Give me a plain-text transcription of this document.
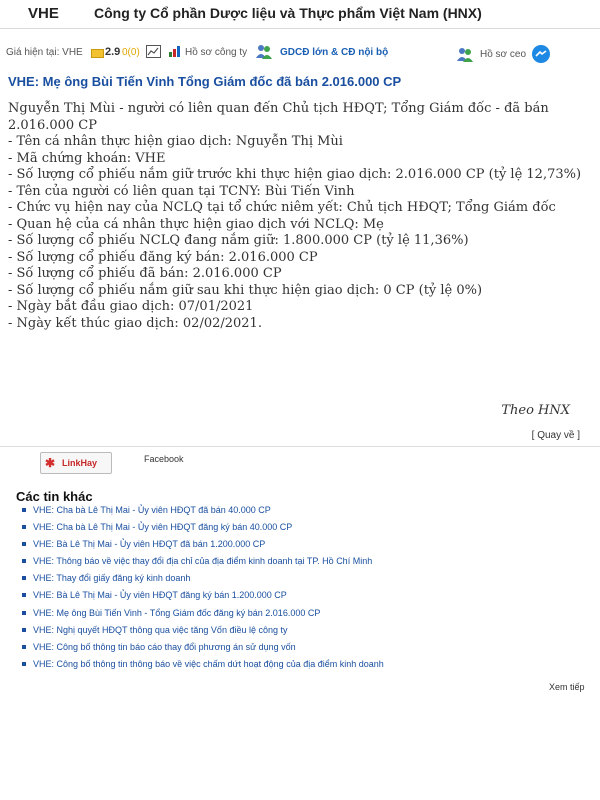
VHE	Công ty Cổ phần Dược liệu và Thực phẩm Việt Nam (HNX)
Giá hiện tại: VHE 2.9 0(0)	Hồ sơ công ty	GDCĐ lớn & CĐ nội bộ	Hồ sơ ceo
VHE: Mẹ ông Bùi Tiến Vinh Tổng Giám đốc đã bán 2.016.000 CP

Nguyễn Thị Mùi - người có liên quan đến Chủ tịch HĐQT; Tổng Giám đốc - đã bán 2.016.000 CP

- Tên cá nhân thực hiện giao dịch: Nguyễn Thị Mùi

- Mã chứng khoán: VHE

- Số lượng cổ phiếu nắm giữ trước khi thực hiện giao dịch: 2.016.000 CP (tỷ lệ 12,73%)

- Tên của người có liên quan tại TCNY: Bùi Tiến Vinh

- Chức vụ hiện nay của NCLQ tại tổ chức niêm yết: Chủ tịch HĐQT; Tổng Giám đốc

- Quan hệ của cá nhân thực hiện giao dịch với NCLQ: Mẹ

- Số lượng cổ phiếu NCLQ đang nắm giữ: 1.800.000 CP (tỷ lệ 11,36%)

- Số lượng cổ phiếu đăng ký bán: 2.016.000 CP

- Số lượng cổ phiếu đã bán: 2.016.000 CP

- Số lượng cổ phiếu nắm giữ sau khi thực hiện giao dịch: 0 CP (tỷ lệ 0%)

- Ngày bắt đầu giao dịch: 07/01/2021

- Ngày kết thúc giao dịch: 02/02/2021.

Theo HNX
[ Quay về ]
✱ LinkHay	Facebook
Các tin khác
VHE: Cha bà Lê Thị Mai - Ủy viên HĐQT đã bán 40.000 CP
VHE: Cha bà Lê Thị Mai - Ủy viên HĐQT đăng ký bán 40.000 CP
VHE: Bà Lê Thị Mai - Ủy viên HĐQT đã bán 1.200.000 CP
VHE: Thông báo về việc thay đổi địa chỉ của địa điểm kinh doanh tại TP. Hồ Chí Minh
VHE: Thay đổi giấy đăng ký kinh doanh
VHE: Bà Lê Thị Mai - Ủy viên HĐQT đăng ký bán 1.200.000 CP
VHE: Mẹ ông Bùi Tiến Vinh - Tổng Giám đốc đăng ký bán 2.016.000 CP
VHE: Nghị quyết HĐQT thông qua việc tăng Vốn điều lệ công ty
VHE: Công bố thông tin báo cáo thay đổi phương án sử dụng vốn
VHE: Công bố thông tin thông báo về việc chấm dứt hoạt động của địa điểm kinh doanh
Xem tiếp
